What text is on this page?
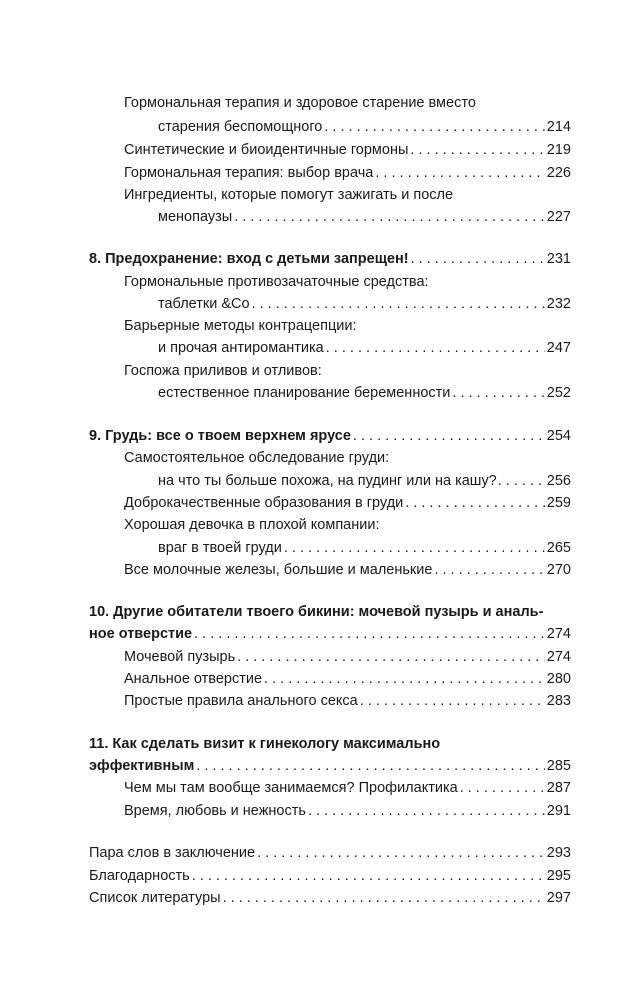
Гормональная терапия и здоровое старение вместо
старения беспомощного . . .	214
Синтетические и биоидентичные гормоны . . .	219
Гормональная терапия: выбор врача . . .	226
Ингредиенты, которые помогут зажигать и после
менопаузы . . .	227
8. Предохранение: вход с детьми запрещен! . . .	231
Гормональные противозачаточные средства:
таблетки &Co . . .	232
Барьерные методы контрацепции:
и прочая антиромантика . . .	247
Госпожа приливов и отливов:
естественное планирование беременности . . .	252
9. Грудь: все о твоем верхнем ярусе . . .	254
Самостоятельное обследование груди:
на что ты больше похожа, на пудинг или на кашу? . . .	256
Доброкачественные образования в груди . . .	259
Хорошая девочка в плохой компании:
враг в твоей груди . . .	265
Все молочные железы, большие и маленькие . . .	270
10. Другие обитатели твоего бикини: мочевой пузырь и аналь-
ное отверстие . . .	274
Мочевой пузырь . . .	274
Анальное отверстие . . .	280
Простые правила анального секса . . .	283
11. Как сделать визит к гинекологу максимально
эффективным . . .	285
Чем мы там вообще занимаемся? Профилактика . . .	287
Время, любовь и нежность . . .	291
Пара слов в заключение . . .	293
Благодарность . . .	295
Список литературы . . .	297
